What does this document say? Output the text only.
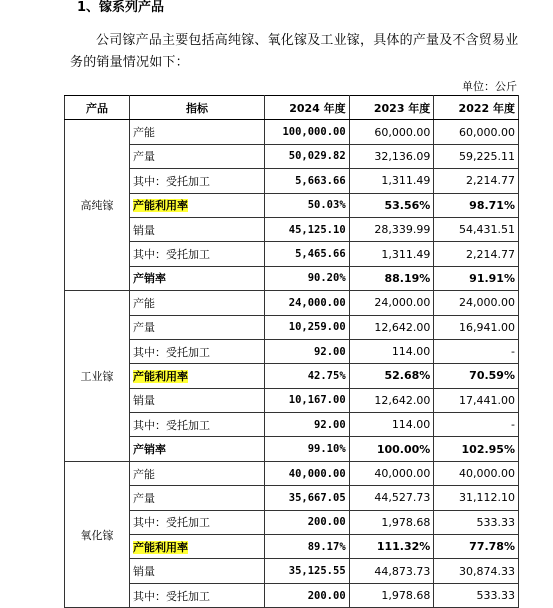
1、镓系列产品
公司镓产品主要包括高纯镓、氧化镓及工业镓，具体的产量及不含贸易业务的销量情况如下：
单位：公斤
产品	指标	2024 年度	2023 年度	2022 年度
高纯镓	产能	100,000.00	60,000.00	60,000.00
	产量	50,029.82	32,136.09	59,225.11
	其中：受托加工	5,663.66	1,311.49	2,214.77
	产能利用率	50.03%	53.56%	98.71%
	销量	45,125.10	28,339.99	54,431.51
	其中：受托加工	5,465.66	1,311.49	2,214.77
	产销率	90.20%	88.19%	91.91%
工业镓	产能	24,000.00	24,000.00	24,000.00
	产量	10,259.00	12,642.00	16,941.00
	其中：受托加工	92.00	114.00	-
	产能利用率	42.75%	52.68%	70.59%
	销量	10,167.00	12,642.00	17,441.00
	其中：受托加工	92.00	114.00	-
	产销率	99.10%	100.00%	102.95%
氧化镓	产能	40,000.00	40,000.00	40,000.00
	产量	35,667.05	44,527.73	31,112.10
	其中：受托加工	200.00	1,978.68	533.33
	产能利用率	89.17%	111.32%	77.78%
	销量	35,125.55	44,873.73	30,874.33
	其中：受托加工	200.00	1,978.68	533.33
